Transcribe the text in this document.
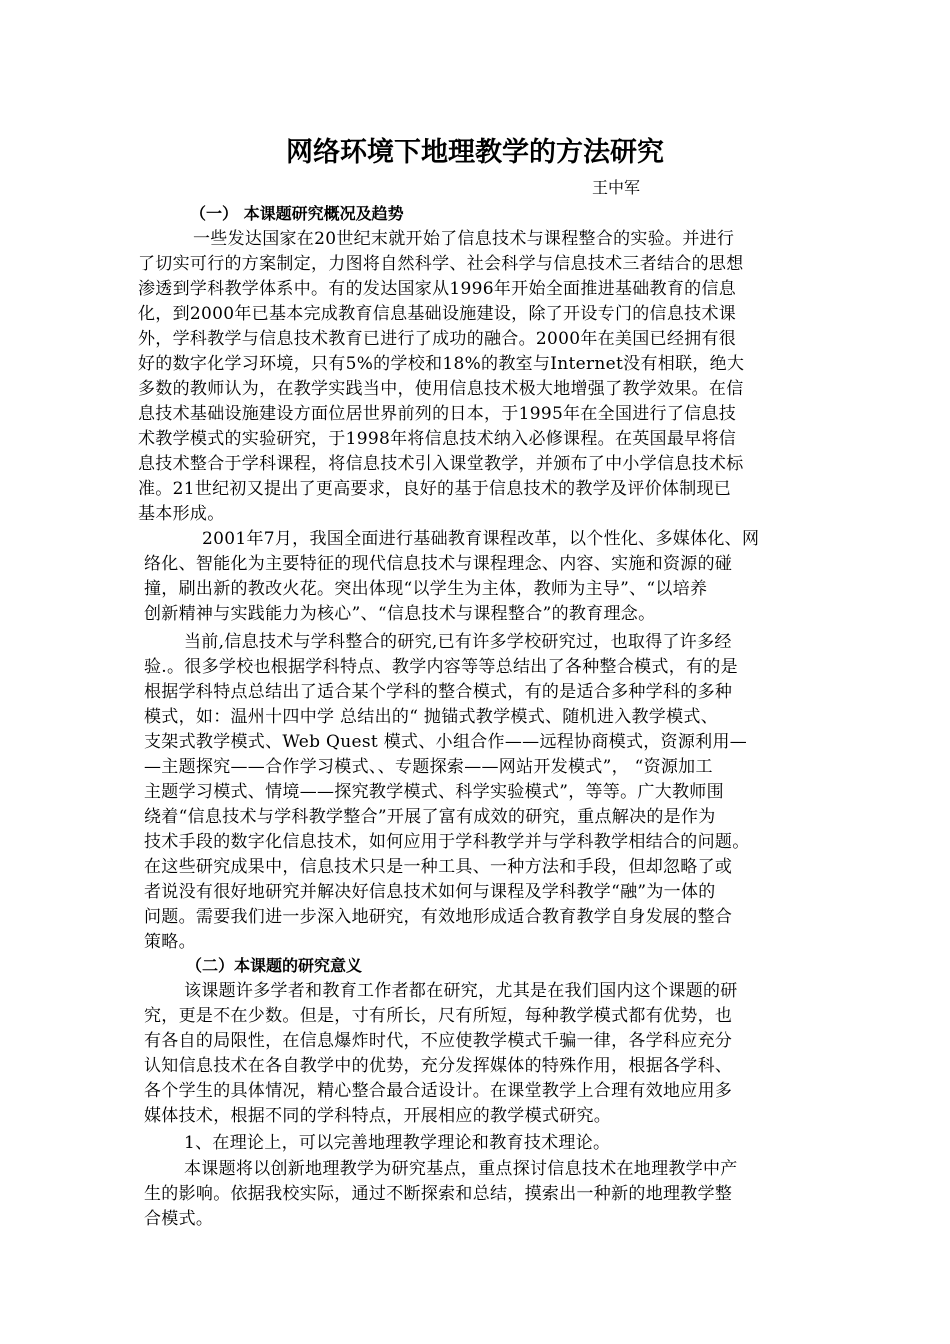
网络环境下地理教学的方法研究

王中军

（一） 本课题研究概况及趋势

一些发达国家在20世纪末就开始了信息技术与课程整合的实验。并进行
了切实可行的方案制定，力图将自然科学、社会科学与信息技术三者结合的思想
渗透到学科教学体系中。有的发达国家从1996年开始全面推进基础教育的信息
化，到2000年已基本完成教育信息基础设施建设，除了开设专门的信息技术课
外，学科教学与信息技术教育已进行了成功的融合。2000年在美国已经拥有很
好的数字化学习环境，只有5%的学校和18%的教室与Internet没有相联，绝大
多数的教师认为，在教学实践当中，使用信息技术极大地增强了教学效果。在信
息技术基础设施建设方面位居世界前列的日本，于1995年在全国进行了信息技
术教学模式的实验研究，于1998年将信息技术纳入必修课程。在英国最早将信
息技术整合于学科课程，将信息技术引入课堂教学，并颁布了中小学信息技术标
准。21世纪初又提出了更高要求，良好的基于信息技术的教学及评价体制现已
基本形成。

2001年7月，我国全面进行基础教育课程改革，以个性化、多媒体化、网
络化、智能化为主要特征的现代信息技术与课程理念、内容、实施和资源的碰
撞，刷出新的教改火花。突出体现“以学生为主体，教师为主导”、“以培养
创新精神与实践能力为核心”、“信息技术与课程整合”的教育理念。

当前,信息技术与学科整合的研究,已有许多学校研究过，也取得了许多经
验.。很多学校也根据学科特点、教学内容等等总结出了各种整合模式，有的是
根据学科特点总结出了适合某个学科的整合模式，有的是适合多种学科的多种
模式，如：温州十四中学 总结出的“ 抛锚式教学模式、随机进入教学模式、
支架式教学模式、Web Quest 模式、小组合作——远程协商模式，资源利用—
—主题探究——合作学习模式、、专题探索——网站开发模式”， “资源加工
主题学习模式、情境——探究教学模式、科学实验模式”，等等。广大教师围
绕着“信息技术与学科教学整合”开展了富有成效的研究，重点解决的是作为
技术手段的数字化信息技术，如何应用于学科教学并与学科教学相结合的问题。
在这些研究成果中，信息技术只是一种工具、一种方法和手段，但却忽略了或
者说没有很好地研究并解决好信息技术如何与课程及学科教学“融”为一体的
问题。需要我们进一步深入地研究，有效地形成适合教育教学自身发展的整合
策略。

（二）本课题的研究意义

该课题许多学者和教育工作者都在研究，尤其是在我们国内这个课题的研
究，更是不在少数。但是，寸有所长，尺有所短，每种教学模式都有优势，也
有各自的局限性，在信息爆炸时代，不应使教学模式千骗一律，各学科应充分
认知信息技术在各自教学中的优势，充分发挥媒体的特殊作用，根据各学科、
各个学生的具体情况，精心整合最合适设计。在课堂教学上合理有效地应用多
媒体技术，根据不同的学科特点，开展相应的教学模式研究。

1、在理论上，可以完善地理教学理论和教育技术理论。

本课题将以创新地理教学为研究基点，重点探讨信息技术在地理教学中产
生的影响。依据我校实际，通过不断探索和总结，摸索出一种新的地理教学整
合模式。
